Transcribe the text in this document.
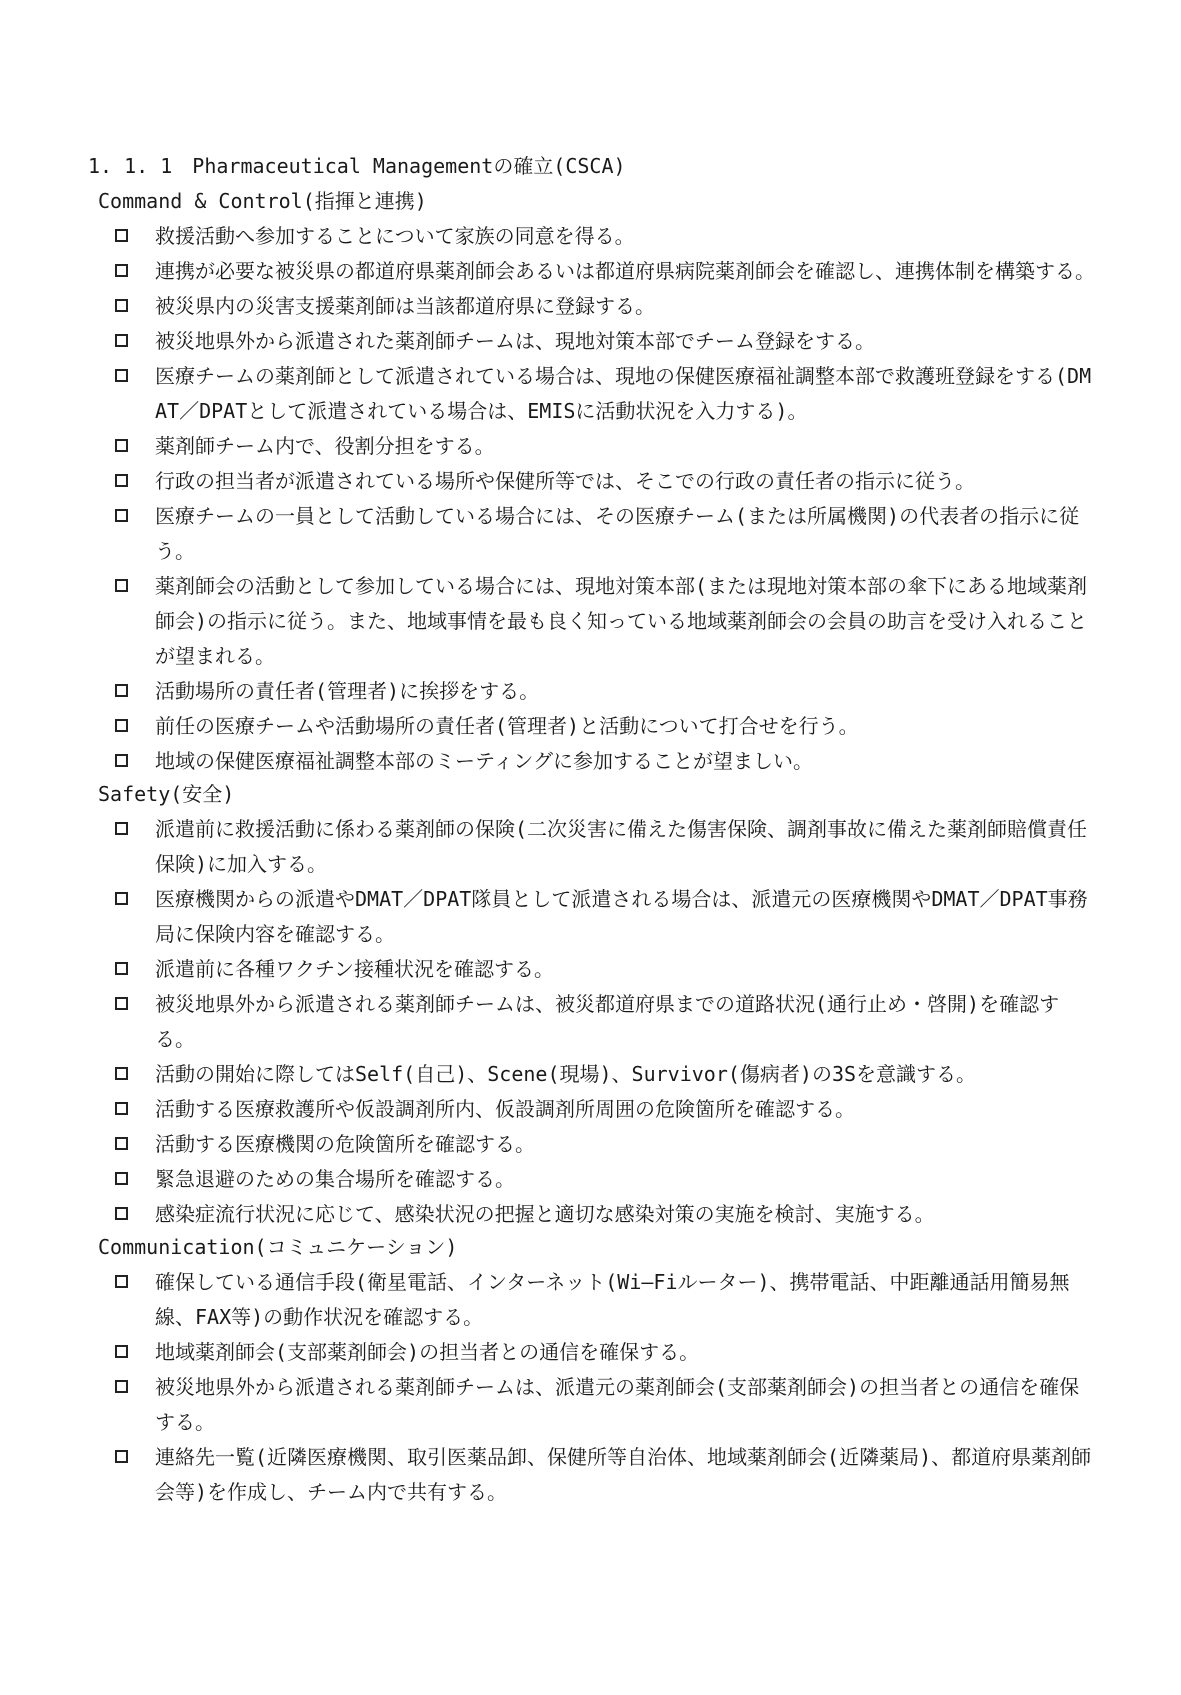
1. 1. 1　Pharmaceutical Managementの確立(CSCA)
Command & Control(指揮と連携)
救援活動へ参加することについて家族の同意を得る。
連携が必要な被災県の都道府県薬剤師会あるいは都道府県病院薬剤師会を確認し、連携体制を構築する。
被災県内の災害支援薬剤師は当該都道府県に登録する。
被災地県外から派遣された薬剤師チームは、現地対策本部でチーム登録をする。
医療チームの薬剤師として派遣されている場合は、現地の保健医療福祉調整本部で救護班登録をする(DMAT／DPATとして派遣されている場合は、EMISに活動状況を入力する)。
薬剤師チーム内で、役割分担をする。
行政の担当者が派遣されている場所や保健所等では、そこでの行政の責任者の指示に従う。
医療チームの一員として活動している場合には、その医療チーム(または所属機関)の代表者の指示に従う。
薬剤師会の活動として参加している場合には、現地対策本部(または現地対策本部の傘下にある地域薬剤師会)の指示に従う。また、地域事情を最も良く知っている地域薬剤師会の会員の助言を受け入れることが望まれる。
活動場所の責任者(管理者)に挨拶をする。
前任の医療チームや活動場所の責任者(管理者)と活動について打合せを行う。
地域の保健医療福祉調整本部のミーティングに参加することが望ましい。
Safety(安全)
派遣前に救援活動に係わる薬剤師の保険(二次災害に備えた傷害保険、調剤事故に備えた薬剤師賠償責任保険)に加入する。
医療機関からの派遣やDMAT／DPAT隊員として派遣される場合は、派遣元の医療機関やDMAT／DPAT事務局に保険内容を確認する。
派遣前に各種ワクチン接種状況を確認する。
被災地県外から派遣される薬剤師チームは、被災都道府県までの道路状況(通行止め・啓開)を確認する。
活動の開始に際してはSelf(自己)、Scene(現場)、Survivor(傷病者)の3Sを意識する。
活動する医療救護所や仮設調剤所内、仮設調剤所周囲の危険箇所を確認する。
活動する医療機関の危険箇所を確認する。
緊急退避のための集合場所を確認する。
感染症流行状況に応じて、感染状況の把握と適切な感染対策の実施を検討、実施する。
Communication(コミュニケーション)
確保している通信手段(衛星電話、インターネット(Wi―Fiルーター)、携帯電話、中距離通話用簡易無線、FAX等)の動作状況を確認する。
地域薬剤師会(支部薬剤師会)の担当者との通信を確保する。
被災地県外から派遣される薬剤師チームは、派遣元の薬剤師会(支部薬剤師会)の担当者との通信を確保する。
連絡先一覧(近隣医療機関、取引医薬品卸、保健所等自治体、地域薬剤師会(近隣薬局)、都道府県薬剤師会等)を作成し、チーム内で共有する。
